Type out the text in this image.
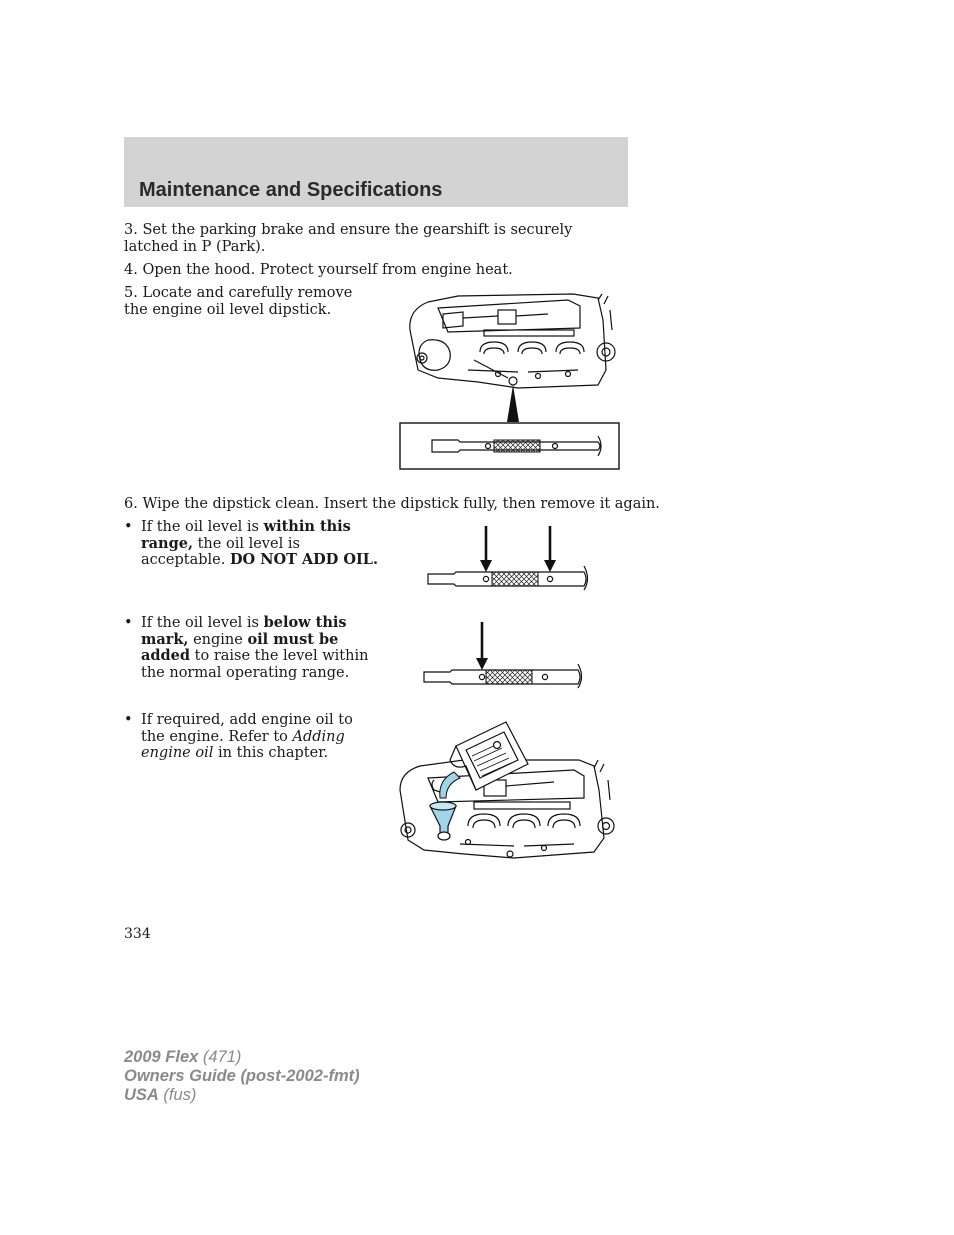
Maintenance and Specifications
3. Set the parking brake and ensure the gearshift is securely latched in P (Park).
4. Open the hood. Protect yourself from engine heat.
5. Locate and carefully remove the engine oil level dipstick.
6. Wipe the dipstick clean. Insert the dipstick fully, then remove it again.
• If the oil level is within this range, the oil level is acceptable. DO NOT ADD OIL.
• If the oil level is below this mark, engine oil must be added to raise the level within the normal operating range.
• If required, add engine oil to the engine. Refer to Adding engine oil in this chapter.
334
2009 Flex (471)
Owners Guide (post-2002-fmt)
USA (fus)
